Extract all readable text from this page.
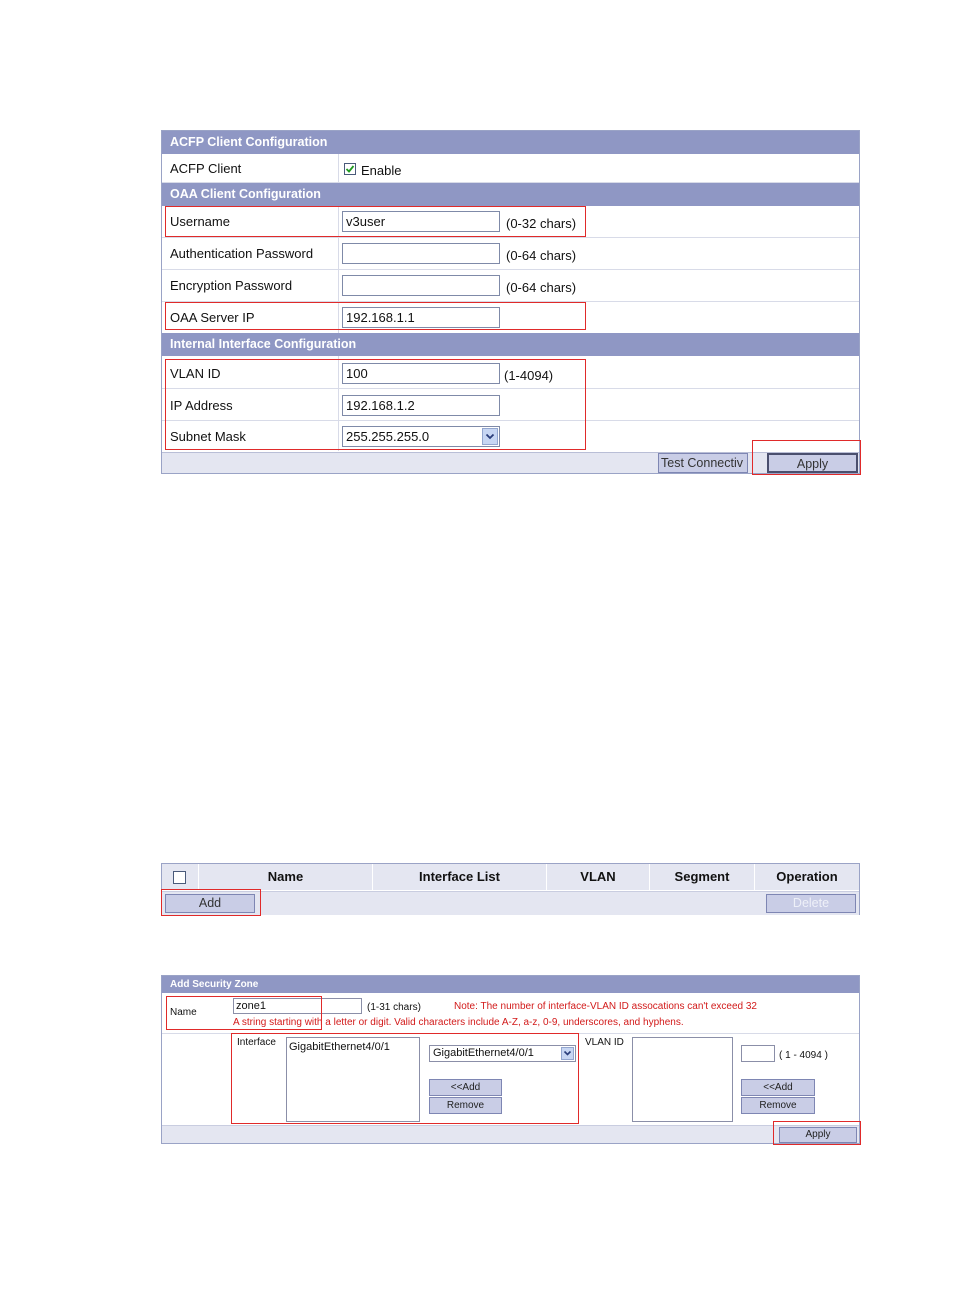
ACFP Client Configuration
ACFP Client	Enable
OAA Client Configuration
Username	v3user	(0-32 chars)
Authentication Password	(0-64 chars)
Encryption Password	(0-64 chars)
OAA Server IP	192.168.1.1
Internal Interface Configuration
VLAN ID	100	(1-4094)
IP Address	192.168.1.2
Subnet Mask	255.255.255.0
Test Connectiv	Apply
Name	Interface List	VLAN	Segment	Operation
Add	Delete
Add Security Zone
Name
zone1	(1-31 chars)	Note: The number of interface-VLAN ID assocations can't exceed 32
A string starting with a letter or digit. Valid characters include A-Z, a-z, 0-9, underscores, and hyphens.
Interface GigabitEthernet4/0/1	GigabitEthernet4/0/1
<<Add
Remove
VLAN ID
( 1 - 4094 )
<<Add
Remove
Apply
